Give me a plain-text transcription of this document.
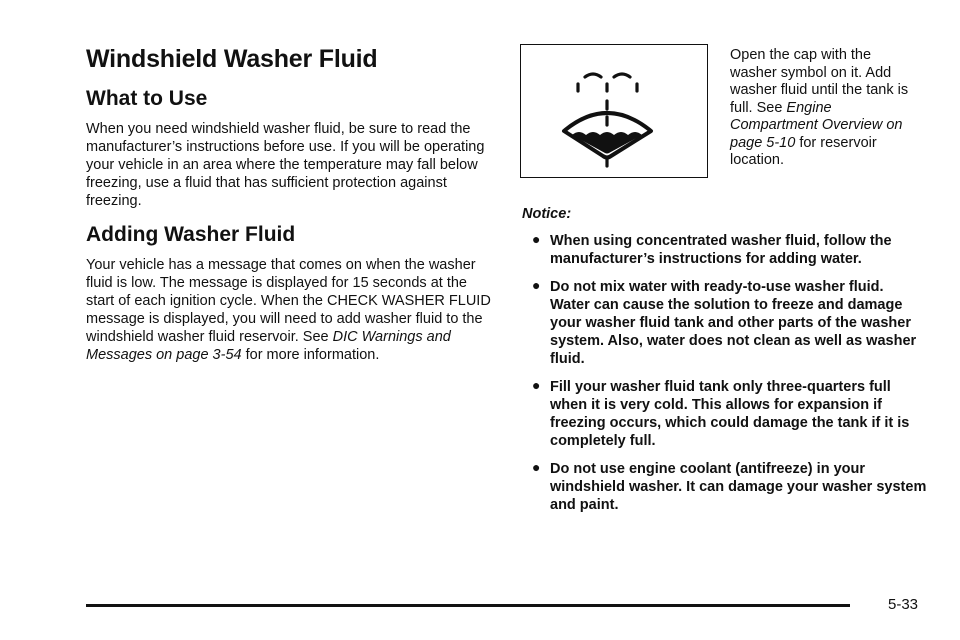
Windshield Washer Fluid
What to Use

When you need windshield washer fluid, be sure to read the manufacturer’s instructions before use. If you will be operating your vehicle in an area where the temperature may fall below freezing, use a fluid that has sufficient protection against freezing.

Adding Washer Fluid

Your vehicle has a message that comes on when the washer fluid is low. The message is displayed for 15 seconds at the start of each ignition cycle. When the CHECK WASHER FLUID message is displayed, you will need to add washer fluid to the windshield washer fluid reservoir. See DIC Warnings and Messages on page 3-54 for more information.

Open the cap with the washer symbol on it. Add washer fluid until the tank is full. See Engine Compartment Overview on page 5-10 for reservoir location.

Notice:

● When using concentrated washer fluid, follow the manufacturer’s instructions for adding water.
● Do not mix water with ready-to-use washer fluid. Water can cause the solution to freeze and damage your washer fluid tank and other parts of the washer system. Also, water does not clean as well as washer fluid.
● Fill your washer fluid tank only three-quarters full when it is very cold. This allows for expansion if freezing occurs, which could damage the tank if it is completely full.
● Do not use engine coolant (antifreeze) in your windshield washer. It can damage your washer system and paint.
5-33
